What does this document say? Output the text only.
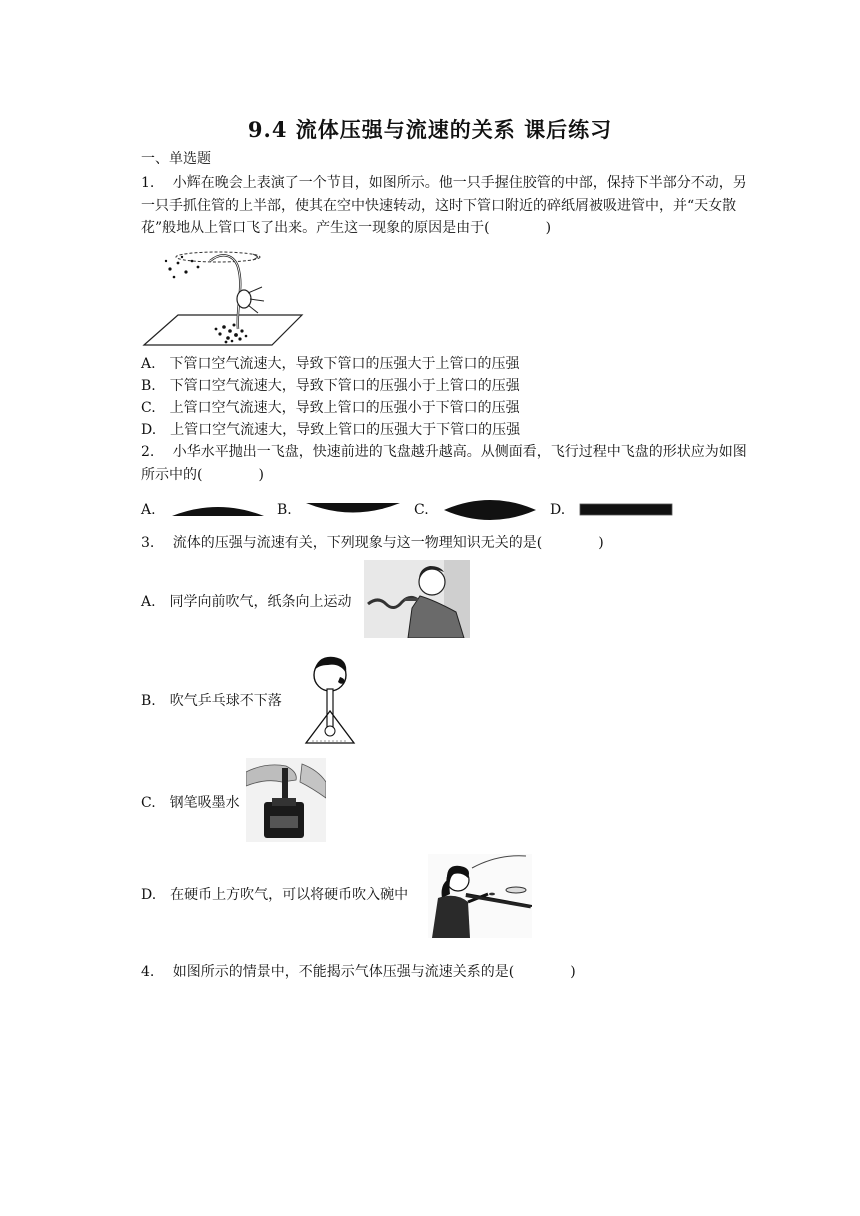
9.4 流体压强与流速的关系 课后练习
一、单选题
1.　 小辉在晚会上表演了一个节目，如图所示。他一只手握住胶管的中部，保持下半部分不动，另一只手抓住管的上半部，使其在空中快速转动，这时下管口附近的碎纸屑被吸进管中，并“天女散花”般地从上管口飞了出来。产生这一现象的原因是由于(　　　　)
A.　下管口空气流速大，导致下管口的压强大于上管口的压强
B.　下管口空气流速大，导致下管口的压强小于上管口的压强
C.　上管口空气流速大，导致上管口的压强小于下管口的压强
D.　上管口空气流速大，导致上管口的压强大于下管口的压强
2.　 小华水平抛出一飞盘，快速前进的飞盘越升越高。从侧面看，飞行过程中飞盘的形状应为如图所示中的(　　　　)
A.	B.	C.	D.
3.　 流体的压强与流速有关，下列现象与这一物理知识无关的是(　　　　)
A.　同学向前吹气，纸条向上运动
B.　吹气乒乓球不下落
C.　钢笔吸墨水
D.　在硬币上方吹气，可以将硬币吹入碗中
4.　 如图所示的情景中，不能揭示气体压强与流速关系的是(　　　　)
